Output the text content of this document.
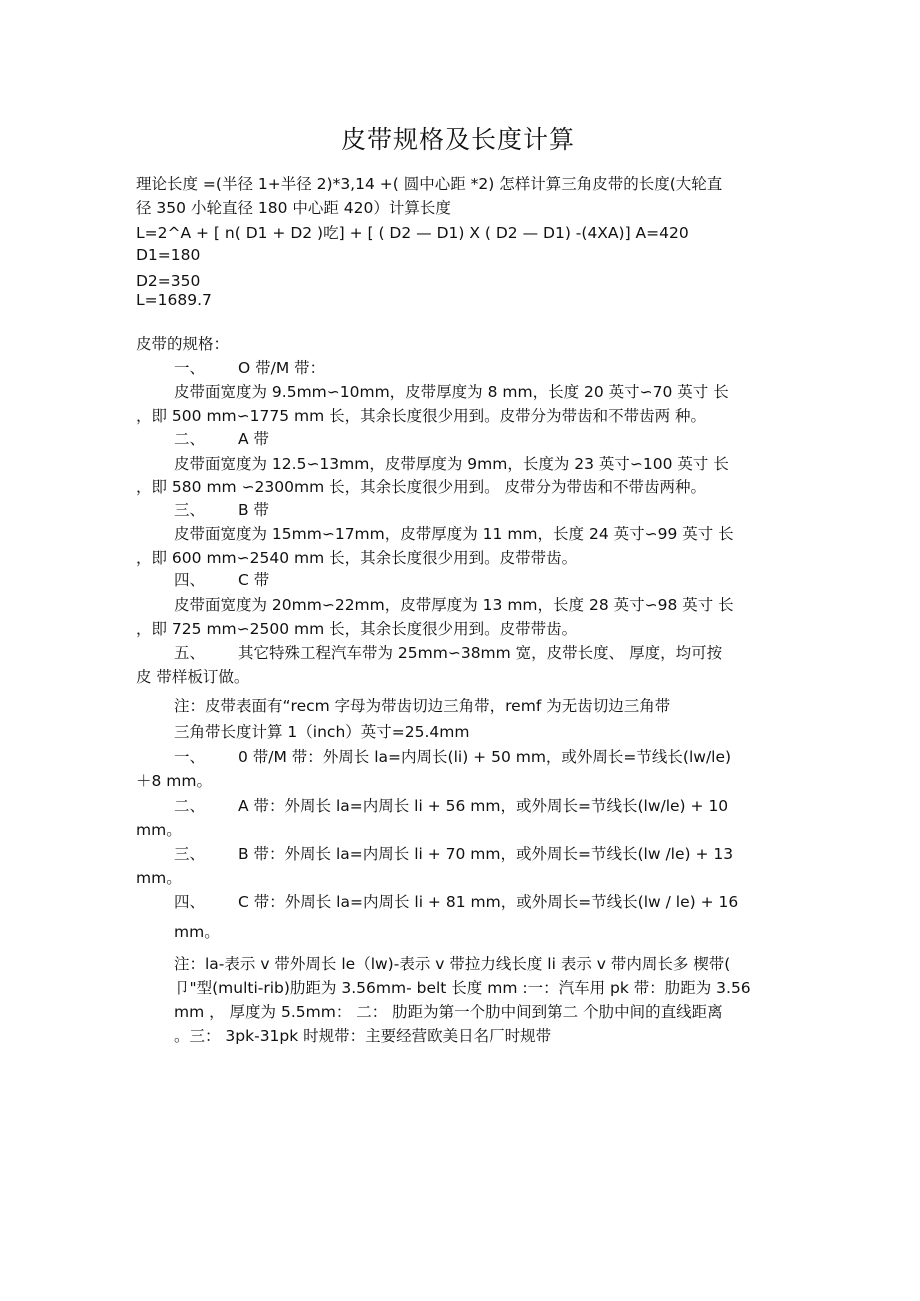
皮带规格及长度计算
理论长度 =(半径 1+半径 2)*3,14 +( 圆中心距 *2) 怎样计算三角皮带的长度(大轮直
径 350 小轮直径 180 中心距 420）计算长度
L=2^A + [ n( D1 + D2 )吃] + [ ( D2 — D1) X ( D2 — D1) -(4XA)] A=420
D1=180
D2=350
L=1689.7
皮带的规格：
一、 O 带/M 带：
皮带面宽度为 9.5mm∽10mm，皮带厚度为 8 mm，长度 20 英寸∽70 英寸 长
，即 500 mm∽1775 mm 长，其余长度很少用到。皮带分为带齿和不带齿两 种。
二、 A 带
皮带面宽度为 12.5∽13mm，皮带厚度为 9mm，长度为 23 英寸∽100 英寸 长
，即 580 mm ∽2300mm 长，其余长度很少用到。 皮带分为带齿和不带齿两种。
三、 B 带
皮带面宽度为 15mm∽17mm，皮带厚度为 11 mm，长度 24 英寸∽99 英寸 长
，即 600 mm∽2540 mm 长，其余长度很少用到。皮带带齿。
四、 C 带
皮带面宽度为 20mm∽22mm，皮带厚度为 13 mm，长度 28 英寸∽98 英寸 长
，即 725 mm∽2500 mm 长，其余长度很少用到。皮带带齿。
五、 其它特殊工程汽车带为 25mm∽38mm 宽，皮带长度、 厚度，均可按
皮 带样板订做。
注：皮带表面有“recm 字母为带齿切边三角带，remf 为无齿切边三角带
三角带长度计算 1（inch）英寸=25.4mm
一、 0 带/M 带：外周长 la=内周长(li) + 50 mm，或外周长=节线长(lw/le)
＋8 mm。
二、 A 带：外周长 la=内周长 li + 56 mm，或外周长=节线长(lw/le) + 10
mm。
三、 B 带：外周长 la=内周长 li + 70 mm，或外周长=节线长(lw /le) + 13
mm。
四、 C 带：外周长 la=内周长 li + 81 mm，或外周长=节线长(lw / le) + 16
mm。
注：la-表示 v 带外周长 le（lw)-表示 v 带拉力线长度 li 表示 v 带内周长多 楔带(
卩"型(multi-rib)肋距为 3.56mm- belt 长度 mm :一：汽车用 pk 带：肋距为 3.56
mm ， 厚度为 5.5mm： 二： 肋距为第一个肋中间到第二 个肋中间的直线距离
。三： 3pk-31pk 时规带：主要经营欧美日名厂时规带
